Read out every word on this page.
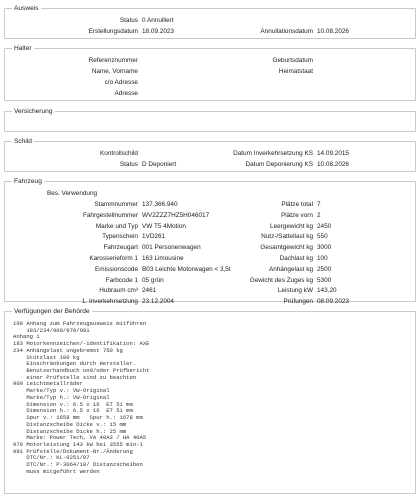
Ausweis
Status 0 Annulliert
Erstellungsdatum 18.09.2023	Annullationsdatum 10.08.2026
Halter
Referenznummer	Geburtsdatum
Name, Vorname	Heimatstaat
c/o Adresse
Adresse
Versicherung
Schild
Kontrollschild	Datum Inverkehrsetzung KS 14.09.2015
Status D Deponiert	Datum Deponierung KS 10.08.2026
Fahrzeug
Bes. Verwendung
Stammnummer 137.366.940	Plätze total 7
Fahrgestellnummer WV2ZZZ7HZ5H046017	Plätze vorn 2
Marke und Typ VW T5 4Motion	Leergewicht kg 2450
Typenschein 1VD261	Nutz-/Sattellast kg 550
Fahrzeugart 001 Personenwagen	Gesamtgewicht kg 3000
Karosserieform 1 163 Limousine	Dachlast kg 100
Emissionscode B03 Leichte Motorwagen < 3,5t	Anhängelast kg 2500
Farbcode 1 05 grün	Gewicht des Zuges kg 5300
Hubraum cm³ 2461	Leistung kW 143.20
1. Inverkehrsetzung 23.12.2004	Prüfungen 08.09.2023
Verfügungen der Behörde
100 Anhang zum Fahrzeugausweis mitführen
183/234/900/970/991
Anhang 1
183 Motorkennzeichen/-identifikation: AXE
234 Anhängelast ungebremst 750 kg
Stützlast 100 kg
Einschränkungen durch Hersteller.
Benutzerhandbuch und/oder Prüfbericht
einer Prüfstelle sind zu beachten
900 Leichtmetallräder
Marke/Typ v.: VW-Original
Marke/Typ h.: VW-Original
Dimension v.: 6.5 x 16  ET 51 mm
Dimension h.: 6.5 x 16  ET 51 mm
Spur v.: 1658 mm   Spur h.: 1678 mm
Distanzscheibe Dicke v.: 15 mm
Distanzscheibe Dicke h.: 25 mm
Marke: Power Tech, VA 40A3 / HA 40A5
970 Motorleistung 143 kW bei 3555 min-1
991 Prüfstelle/Dokument-Nr./Änderung
DTC/Nr.: KL-0251/07
DTC/Nr.: P-3064/10/ Distanzscheiben
muss mitgeführt werden
